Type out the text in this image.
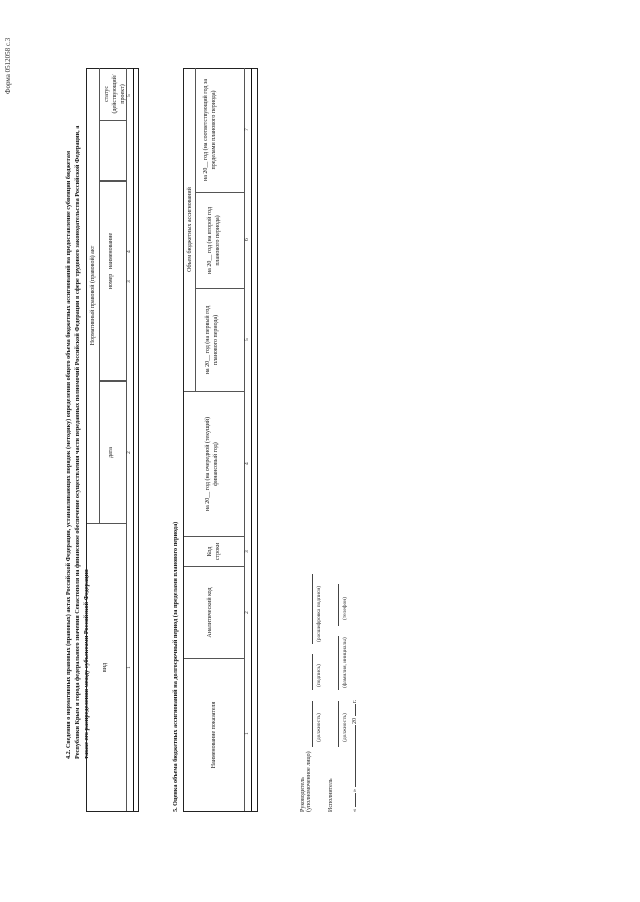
Форма 0512058 с.3
4.2. Сведения о нормативных правовых (правовых) актах Российской Федерации, устанавливающих порядок (методику) определения общего объема бюджетных ассигнований на предоставление субвенции бюджетам Республики Крым и города федерального значения Севастополя на финансовое обеспечение осуществления части переданных полномочий Российской Федерации в сфере трудового законодательства Российской Федерации, а также его распределения между субъектами Российской Федерации вид
Нормативный правовой (правовой) акт
дата
номер
статус (действующий/проект)
наименование
1
2
3
4
5
5. Оценка объема бюджетных ассигнований на долгосрочный период (за пределами планового периода)	Наименование показателя
Аналитический код
Код строки
на 20__ год (на очередной (текущий) финансовый год)
Объем бюджетных ассигнований
на 20__ год (на первый год планового периода)
на 20__ год (на второй год планового периода)
на 20__ год (на соответствующий год за пределами планового периода)
1
2
3
4
5
6
7
Руководитель (уполномоченное лицо)
(должность)
(подпись)
(расшифровка подписи)
Исполнитель
(должность)
(фамилия, инициалы)
(телефон)
«  »  20  г.
